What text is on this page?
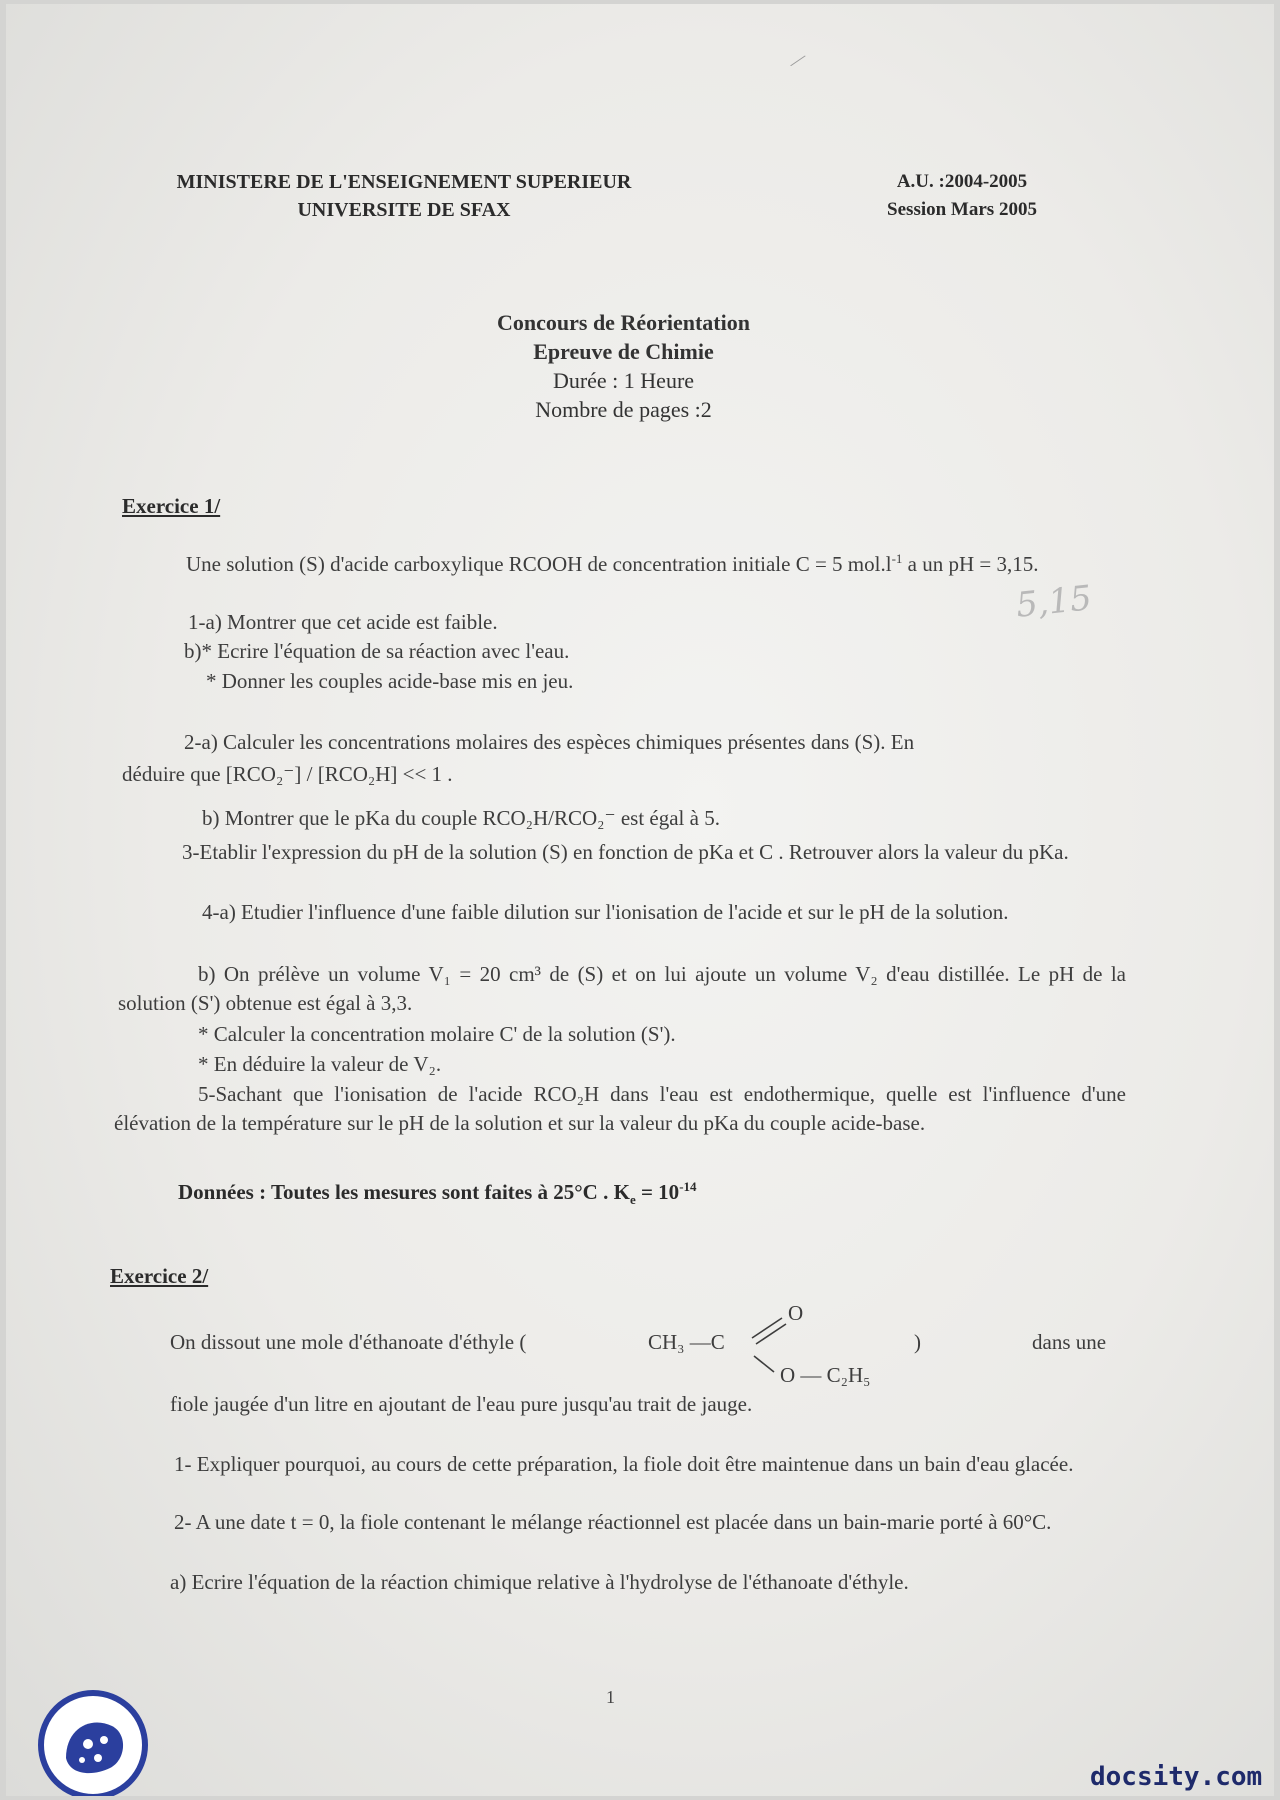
∕
MINISTERE DE L'ENSEIGNEMENT SUPERIEUR
UNIVERSITE DE SFAX
A.U. :2004-2005
Session Mars 2005
Concours de Réorientation
Epreuve de Chimie
Durée : 1 Heure
Nombre de pages :2
Exercice 1/
Une solution (S) d'acide carboxylique RCOOH de concentration initiale C = 5 $mol.l^{-1}$ a un pH = 3,15.
5,15
1-a) Montrer que cet acide est faible.
b)* Ecrire l'équation de sa réaction avec l'eau.
* Donner les couples acide-base mis en jeu.
2-a) Calculer les concentrations molaires des espèces chimiques présentes dans (S). En
déduire que [RCO₂⁻] / [RCO₂H] << 1 .
b) Montrer que le pKa du couple RCO₂H/RCO₂⁻ est égal à 5.
3-Etablir l'expression du pH de la solution (S) en fonction de pKa et C . Retrouver alors la valeur du pKa.
4-a) Etudier l'influence d'une faible dilution sur l'ionisation de l'acide et sur le pH de la solution.
b) On prélève un volume V₁ = 20 cm³ de (S) et on lui ajoute un volume V₂ d'eau distillée. Le pH de la solution (S') obtenue est égal à 3,3.
* Calculer la concentration molaire C' de la solution (S').
* En déduire la valeur de V₂.
5-Sachant que l'ionisation de l'acide RCO₂H dans l'eau est endothermique, quelle est l'influence d'une élévation de la température sur le pH de la solution et sur la valeur du pKa du couple acide-base.
Données : Toutes les mesures sont faites à 25°C . $K_e = 10^{-14}$
Exercice 2/
On dissout une mole d'éthanoate d'éthyle (	CH₃ —C
O
O — C₂H₅
)	dans une
fiole jaugée d'un litre en ajoutant de l'eau pure jusqu'au trait de jauge.
1- Expliquer pourquoi, au cours de cette préparation, la fiole doit être maintenue dans un bain d'eau glacée.
2- A une date t = 0, la fiole contenant le mélange réactionnel est placée dans un bain-marie porté à 60°C.
a) Ecrire l'équation de la réaction chimique relative à l'hydrolyse de l'éthanoate d'éthyle.
1
docsity.com
